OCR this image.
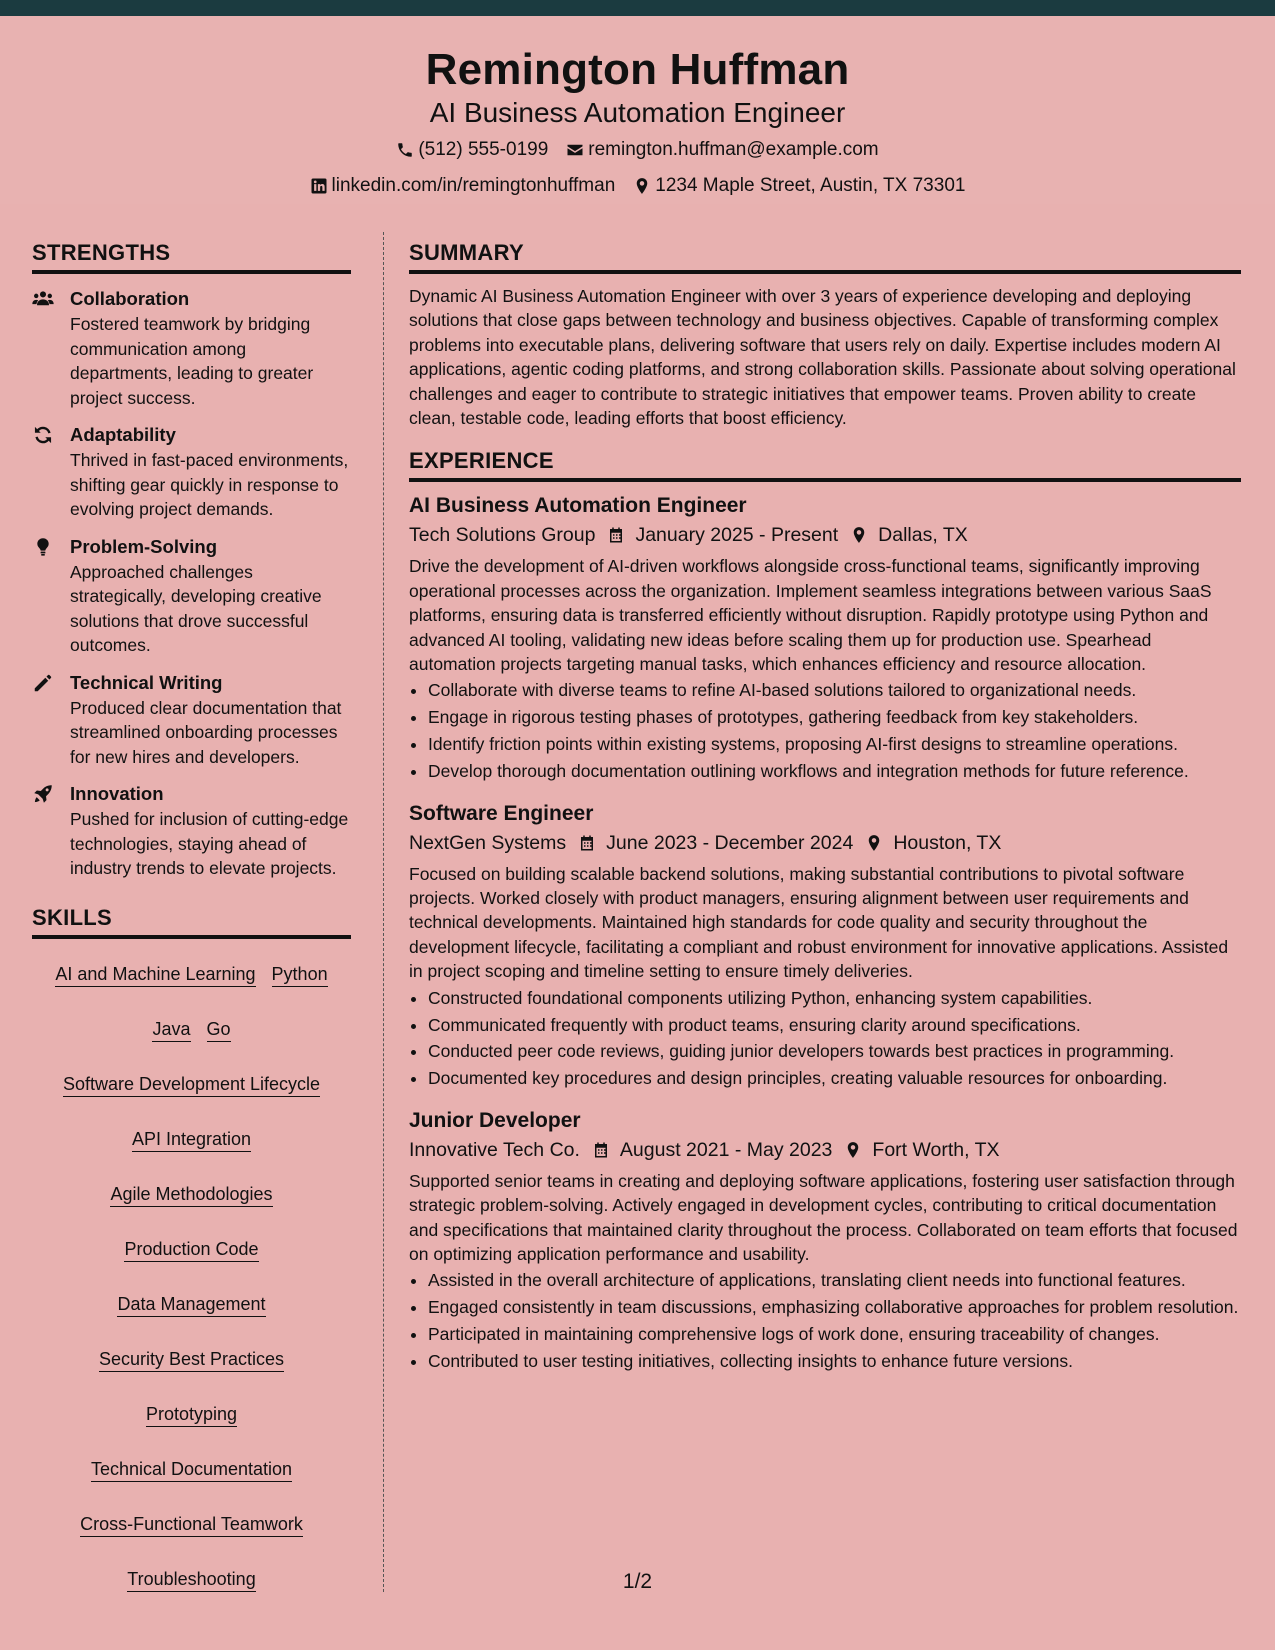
Remington Huffman
AI Business Automation Engineer
(512) 555-0199 remington.huffman@example.com
linkedin.com/in/remingtonhuffman 1234 Maple Street, Austin, TX 73301
STRENGTHS
Collaboration
Fostered teamwork by bridging communication among departments, leading to greater project success.
Adaptability
Thrived in fast-paced environments, shifting gear quickly in response to evolving project demands.
Problem-Solving
Approached challenges strategically, developing creative solutions that drove successful outcomes.
Technical Writing
Produced clear documentation that streamlined onboarding processes for new hires and developers.
Innovation
Pushed for inclusion of cutting-edge technologies, staying ahead of industry trends to elevate projects.
SKILLS
AI and Machine Learning Python
Java Go
Software Development Lifecycle
API Integration
Agile Methodologies
Production Code
Data Management
Security Best Practices
Prototyping
Technical Documentation
Cross-Functional Teamwork
Troubleshooting
SUMMARY
Dynamic AI Business Automation Engineer with over 3 years of experience developing and deploying solutions that close gaps between technology and business objectives. Capable of transforming complex problems into executable plans, delivering software that users rely on daily. Expertise includes modern AI applications, agentic coding platforms, and strong collaboration skills. Passionate about solving operational challenges and eager to contribute to strategic initiatives that empower teams. Proven ability to create clean, testable code, leading efforts that boost efficiency.
EXPERIENCE
AI Business Automation Engineer
Tech Solutions Group January 2025 - Present Dallas, TX
Drive the development of AI-driven workflows alongside cross-functional teams, significantly improving operational processes across the organization. Implement seamless integrations between various SaaS platforms, ensuring data is transferred efficiently without disruption. Rapidly prototype using Python and advanced AI tooling, validating new ideas before scaling them up for production use. Spearhead automation projects targeting manual tasks, which enhances efficiency and resource allocation.
• Collaborate with diverse teams to refine AI-based solutions tailored to organizational needs.
• Engage in rigorous testing phases of prototypes, gathering feedback from key stakeholders.
• Identify friction points within existing systems, proposing AI-first designs to streamline operations.
• Develop thorough documentation outlining workflows and integration methods for future reference.
Software Engineer
NextGen Systems June 2023 - December 2024 Houston, TX
Focused on building scalable backend solutions, making substantial contributions to pivotal software projects. Worked closely with product managers, ensuring alignment between user requirements and technical developments. Maintained high standards for code quality and security throughout the development lifecycle, facilitating a compliant and robust environment for innovative applications. Assisted in project scoping and timeline setting to ensure timely deliveries.
• Constructed foundational components utilizing Python, enhancing system capabilities.
• Communicated frequently with product teams, ensuring clarity around specifications.
• Conducted peer code reviews, guiding junior developers towards best practices in programming.
• Documented key procedures and design principles, creating valuable resources for onboarding.
Junior Developer
Innovative Tech Co. August 2021 - May 2023 Fort Worth, TX
Supported senior teams in creating and deploying software applications, fostering user satisfaction through strategic problem-solving. Actively engaged in development cycles, contributing to critical documentation and specifications that maintained clarity throughout the process. Collaborated on team efforts that focused on optimizing application performance and usability.
• Assisted in the overall architecture of applications, translating client needs into functional features.
• Engaged consistently in team discussions, emphasizing collaborative approaches for problem resolution.
• Participated in maintaining comprehensive logs of work done, ensuring traceability of changes.
• Contributed to user testing initiatives, collecting insights to enhance future versions.
1/2
